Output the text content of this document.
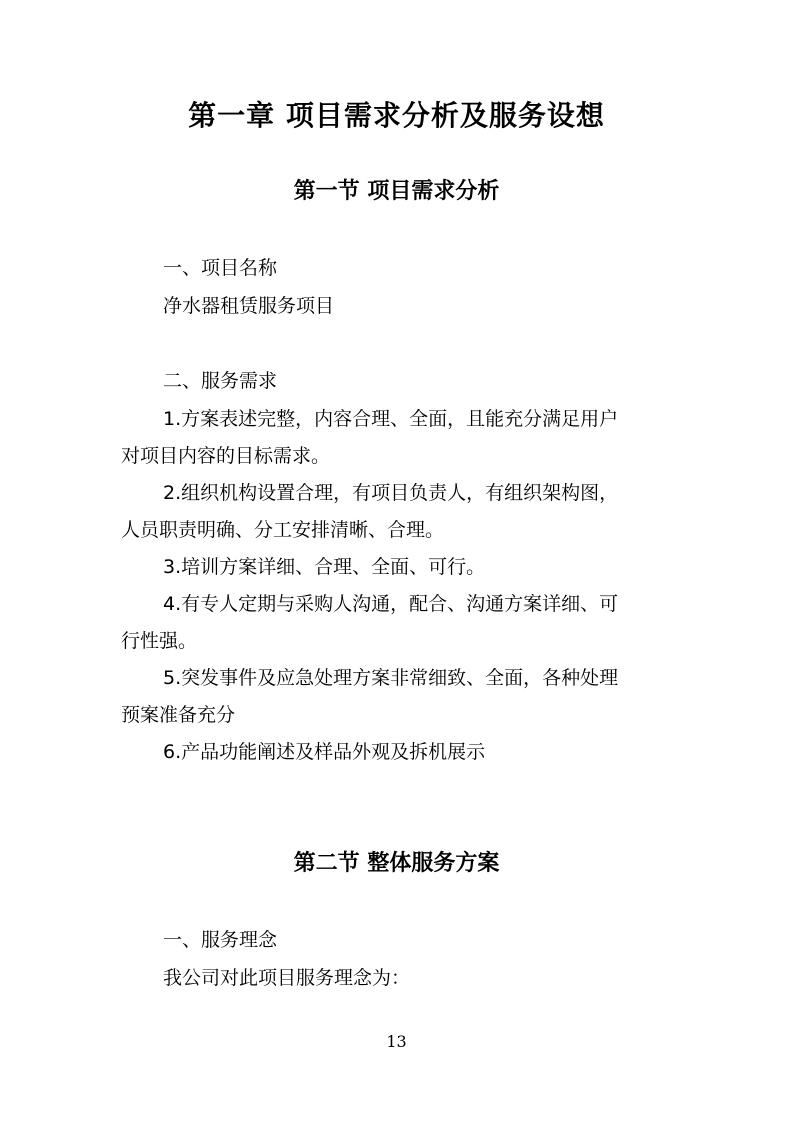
第一章 项目需求分析及服务设想
第一节 项目需求分析
一、项目名称
净水器租赁服务项目
二、服务需求
1.方案表述完整，内容合理、全面，且能充分满足用户
对项目内容的目标需求。
2.组织机构设置合理，有项目负责人，有组织架构图，
人员职责明确、分工安排清晰、合理。
3.培训方案详细、合理、全面、可行。
4.有专人定期与采购人沟通，配合、沟通方案详细、可
行性强。
5.突发事件及应急处理方案非常细致、全面，各种处理
预案准备充分
6.产品功能阐述及样品外观及拆机展示
第二节 整体服务方案
一、服务理念
我公司对此项目服务理念为：
13
